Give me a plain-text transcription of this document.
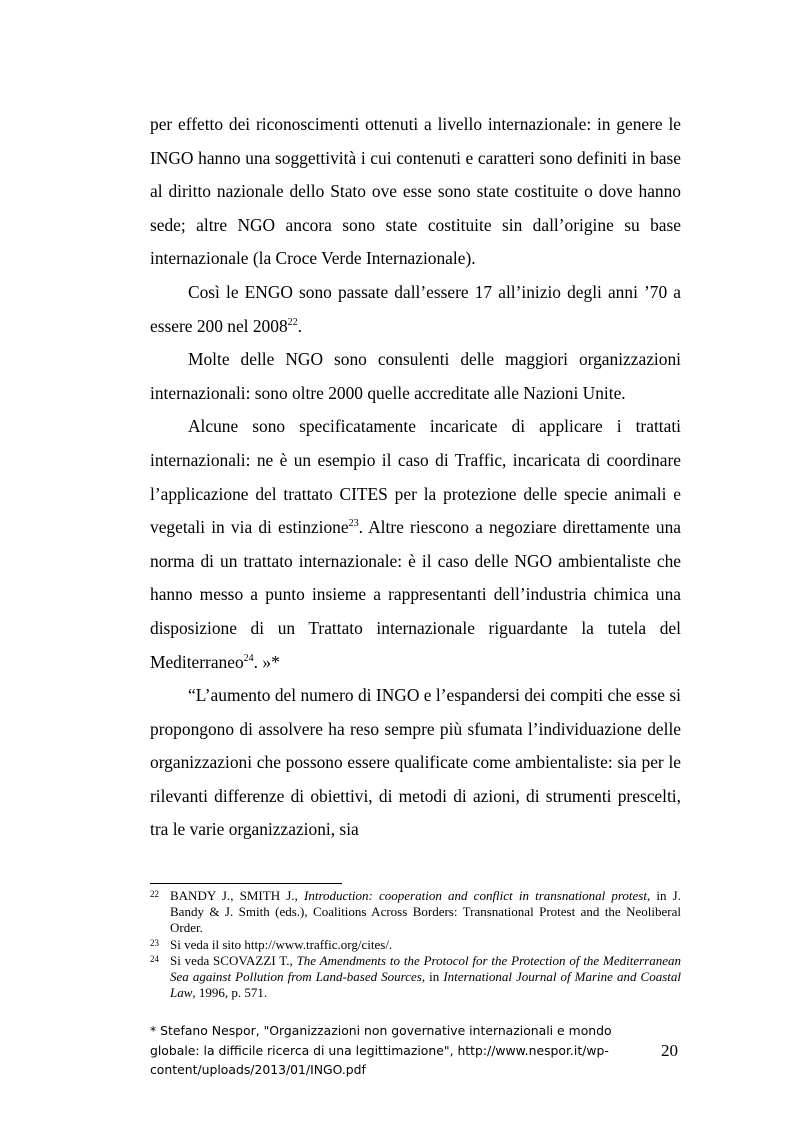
per effetto dei riconoscimenti ottenuti a livello internazionale: in genere le INGO hanno una soggettività i cui contenuti e caratteri sono definiti in base al diritto nazionale dello Stato ove esse sono state costituite o dove hanno sede; altre NGO ancora sono state costituite sin dall’origine su base internazionale (la Croce Verde Internazionale).

Così le ENGO sono passate dall’essere 17 all’inizio degli anni ’70 a essere 200 nel 2008$^{22}$.

Molte delle NGO sono consulenti delle maggiori organizzazioni internazionali: sono oltre 2000 quelle accreditate alle Nazioni Unite.

Alcune sono specificatamente incaricate di applicare i trattati internazionali: ne è un esempio il caso di Traffic, incaricata di coordinare l’applicazione del trattato CITES per la protezione delle specie animali e vegetali in via di estinzione$^{23}$. Altre riescono a negoziare direttamente una norma di un trattato internazionale: è il caso delle NGO ambientaliste che hanno messo a punto insieme a rappresentanti dell’industria chimica una disposizione di un Trattato internazionale riguardante la tutela del Mediterraneo$^{24}$. »*

“L’aumento del numero di INGO e l’espandersi dei compiti che esse si propongono di assolvere ha reso sempre più sfumata l’individuazione delle organizzazioni che possono essere qualificate come ambientaliste: sia per le rilevanti differenze di obiettivi, di metodi di azioni, di strumenti prescelti, tra le varie organizzazioni, sia

22 BANDY J., SMITH J., Introduction: cooperation and conflict in transnational protest, in J. Bandy & J. Smith (eds.), Coalitions Across Borders: Transnational Protest and the Neoliberal Order.
23 Si veda il sito http://www.traffic.org/cites/.
24 Si veda SCOVAZZI T., The Amendments to the Protocol for the Protection of the Mediterranean Sea against Pollution from Land-based Sources, in International Journal of Marine and Coastal Law, 1996, p. 571.
* Stefano Nespor, "Organizzazioni non governative internazionali e mondo globale: la difficile ricerca di una legittimazione", http://www.nespor.it/wp-content/uploads/2013/01/INGO.pdf
20
